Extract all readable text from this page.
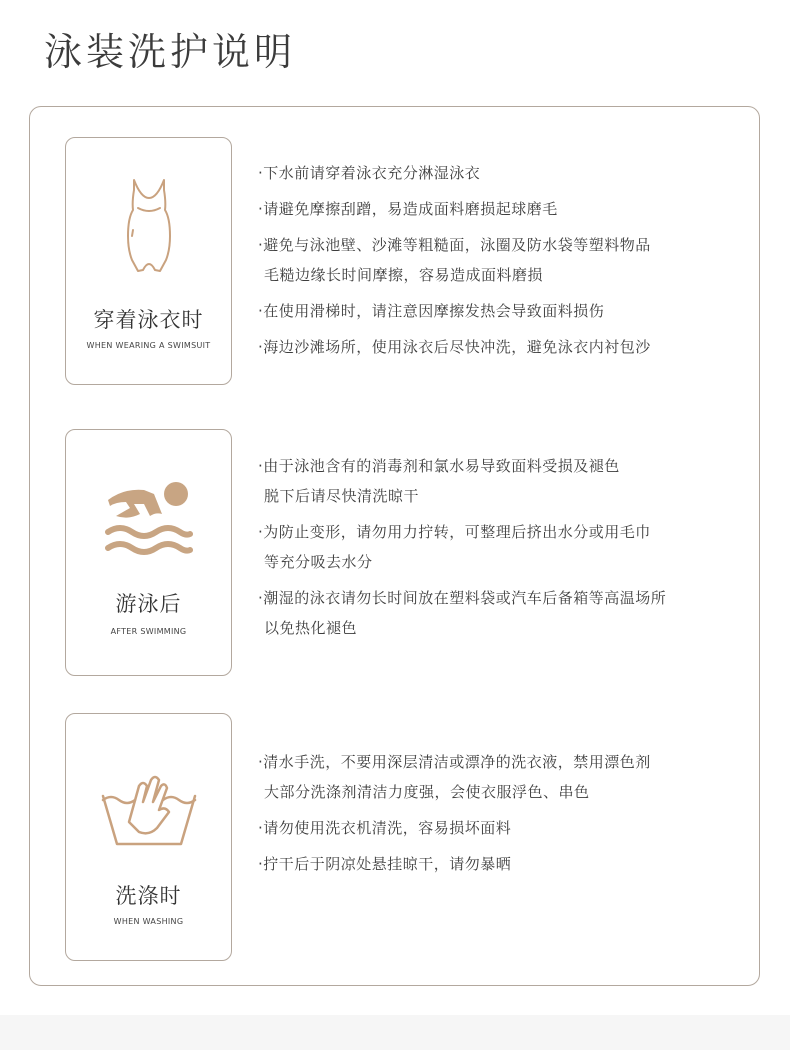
泳装洗护说明
穿着泳衣时
WHEN WEARING A SWIMSUIT
·下水前请穿着泳衣充分淋湿泳衣
·请避免摩擦刮蹭，易造成面料磨损起球磨毛
·避免与泳池壁、沙滩等粗糙面，泳圈及防水袋等塑料物品
毛糙边缘长时间摩擦，容易造成面料磨损
·在使用滑梯时，请注意因摩擦发热会导致面料损伤
·海边沙滩场所，使用泳衣后尽快冲洗，避免泳衣内衬包沙
游泳后
AFTER SWIMMING
·由于泳池含有的消毒剂和氯水易导致面料受损及褪色
脱下后请尽快清洗晾干
·为防止变形，请勿用力拧转，可整理后挤出水分或用毛巾
等充分吸去水分
·潮湿的泳衣请勿长时间放在塑料袋或汽车后备箱等高温场所
以免热化褪色
洗涤时
WHEN WASHING
·清水手洗，不要用深层清洁或漂净的洗衣液，禁用漂色剂
大部分洗涤剂清洁力度强，会使衣服浮色、串色
·请勿使用洗衣机清洗，容易损坏面料
·拧干后于阴凉处悬挂晾干，请勿暴晒
